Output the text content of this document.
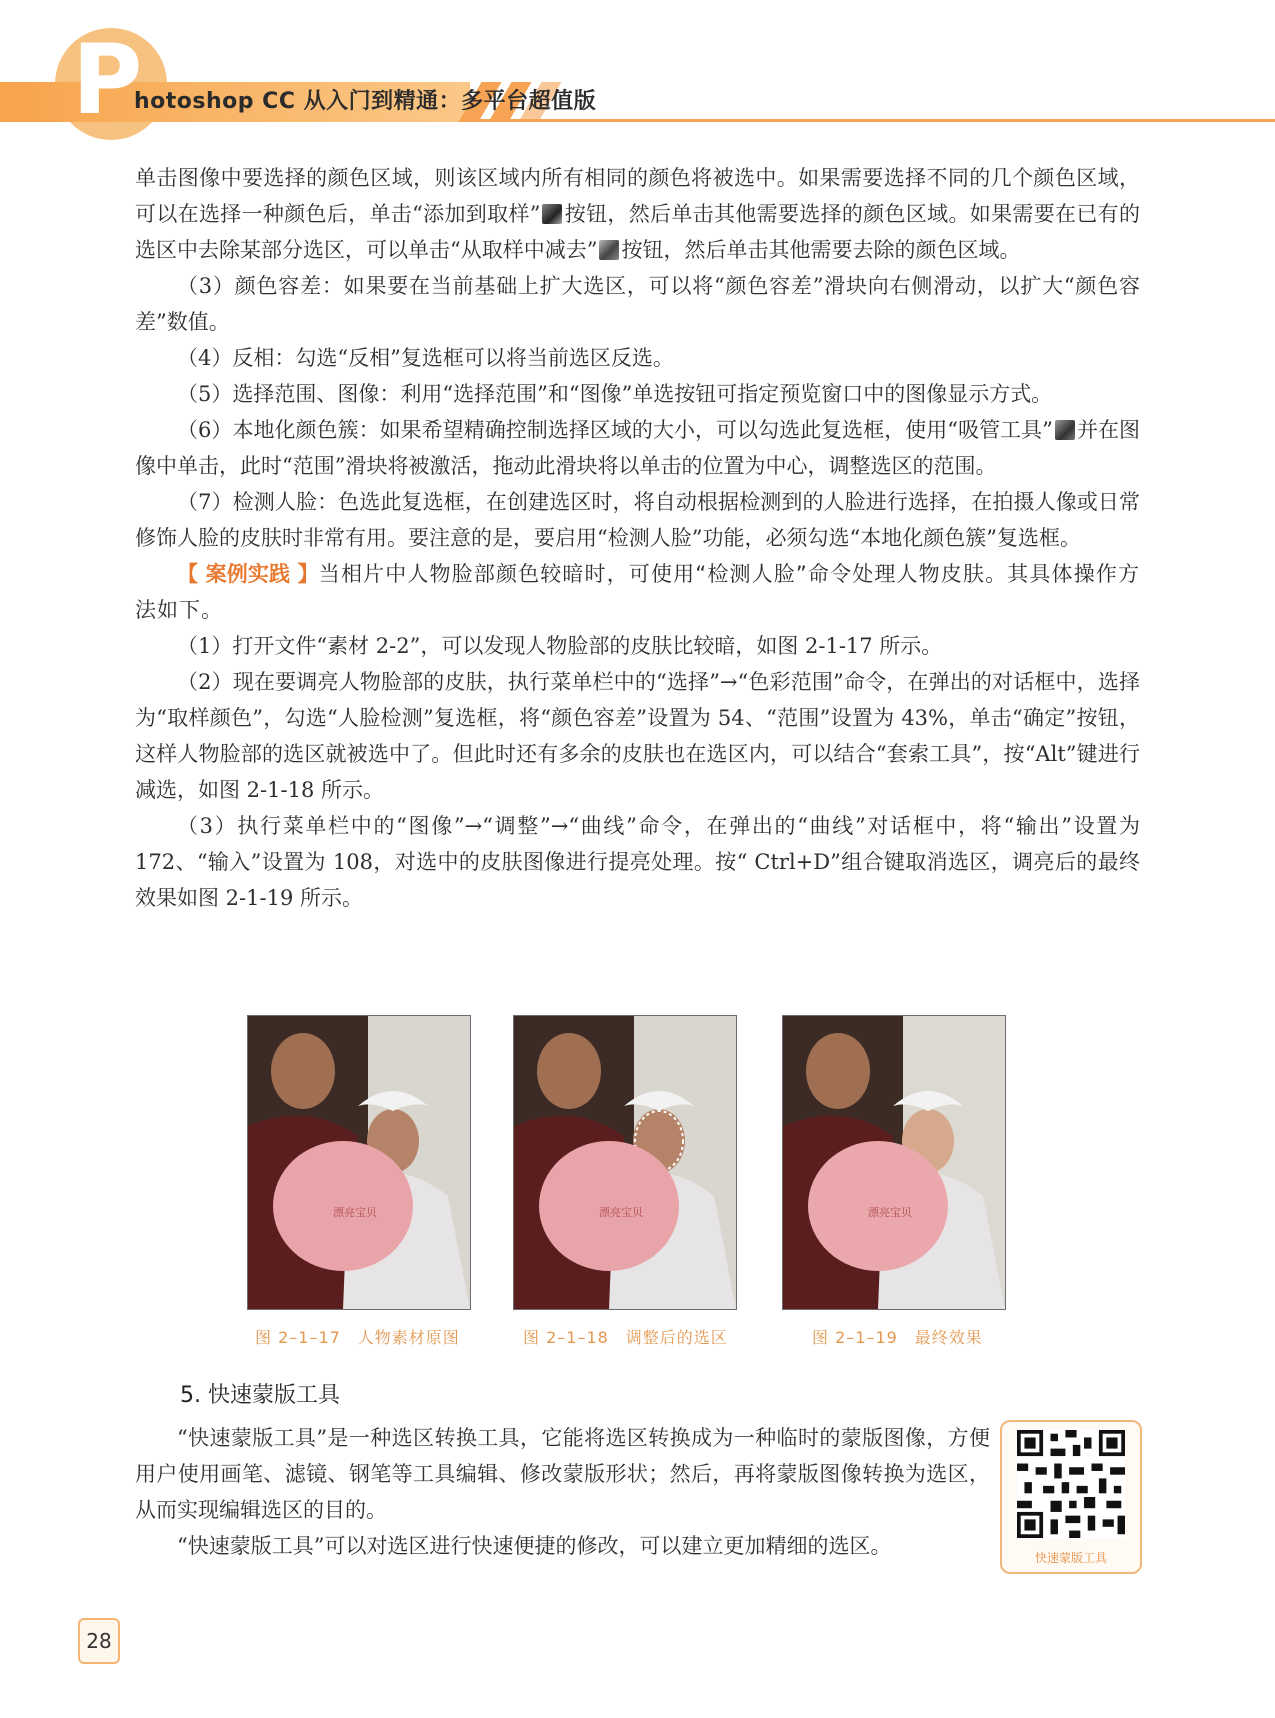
P
hotoshop CC 从入门到精通：多平台超值版

单击图像中要选择的颜色区域，则该区域内所有相同的颜色将被选中。如果需要选择不同的几个颜色区域，可以在选择一种颜色后，单击“添加到取样” 按钮，然后单击其他需要选择的颜色区域。如果需要在已有的选区中去除某部分选区，可以单击“从取样中减去” 按钮，然后单击其他需要去除的颜色区域。

（3）颜色容差：如果要在当前基础上扩大选区，可以将“颜色容差”滑块向右侧滑动，以扩大“颜色容差”数值。

（4）反相：勾选“反相”复选框可以将当前选区反选。

（5）选择范围、图像：利用“选择范围”和“图像”单选按钮可指定预览窗口中的图像显示方式。

（6）本地化颜色簇：如果希望精确控制选择区域的大小，可以勾选此复选框，使用“吸管工具” 并在图像中单击，此时“范围”滑块将被激活，拖动此滑块将以单击的位置为中心，调整选区的范围。

（7）检测人脸：色选此复选框，在创建选区时，将自动根据检测到的人脸进行选择，在拍摄人像或日常修饰人脸的皮肤时非常有用。要注意的是，要启用“检测人脸”功能，必须勾选“本地化颜色簇”复选框。

【 案例实践 】当相片中人物脸部颜色较暗时，可使用“检测人脸”命令处理人物皮肤。其具体操作方法如下。

（1）打开文件“素材 2-2”，可以发现人物脸部的皮肤比较暗，如图 2-1-17 所示。

（2）现在要调亮人物脸部的皮肤，执行菜单栏中的“选择”→“色彩范围”命令，在弹出的对话框中，选择为“取样颜色”，勾选“人脸检测”复选框，将“颜色容差”设置为 54、“范围”设置为 43%，单击“确定”按钮，这样人物脸部的选区就被选中了。但此时还有多余的皮肤也在选区内，可以结合“套索工具”，按“Alt”键进行减选，如图 2-1-18 所示。

（3）执行菜单栏中的“图像”→“调整”→“曲线”命令，在弹出的“曲线”对话框中，将“输出”设置为 172、“输入”设置为 108，对选中的皮肤图像进行提亮处理。按“ Ctrl+D”组合键取消选区，调亮后的最终效果如图 2-1-19 所示。

漂亮宝贝	漂亮宝贝	漂亮宝贝
图 2–1–17　人物素材原图	图 2–1–18　调整后的选区	图 2–1–19　最终效果
5. 快速蒙版工具

“快速蒙版工具”是一种选区转换工具，它能将选区转换成为一种临时的蒙版图像，方便用户使用画笔、滤镜、钢笔等工具编辑、修改蒙版形状；然后，再将蒙版图像转换为选区，从而实现编辑选区的目的。

“快速蒙版工具”可以对选区进行快速便捷的修改，可以建立更加精细的选区。	快速蒙版工具
28
